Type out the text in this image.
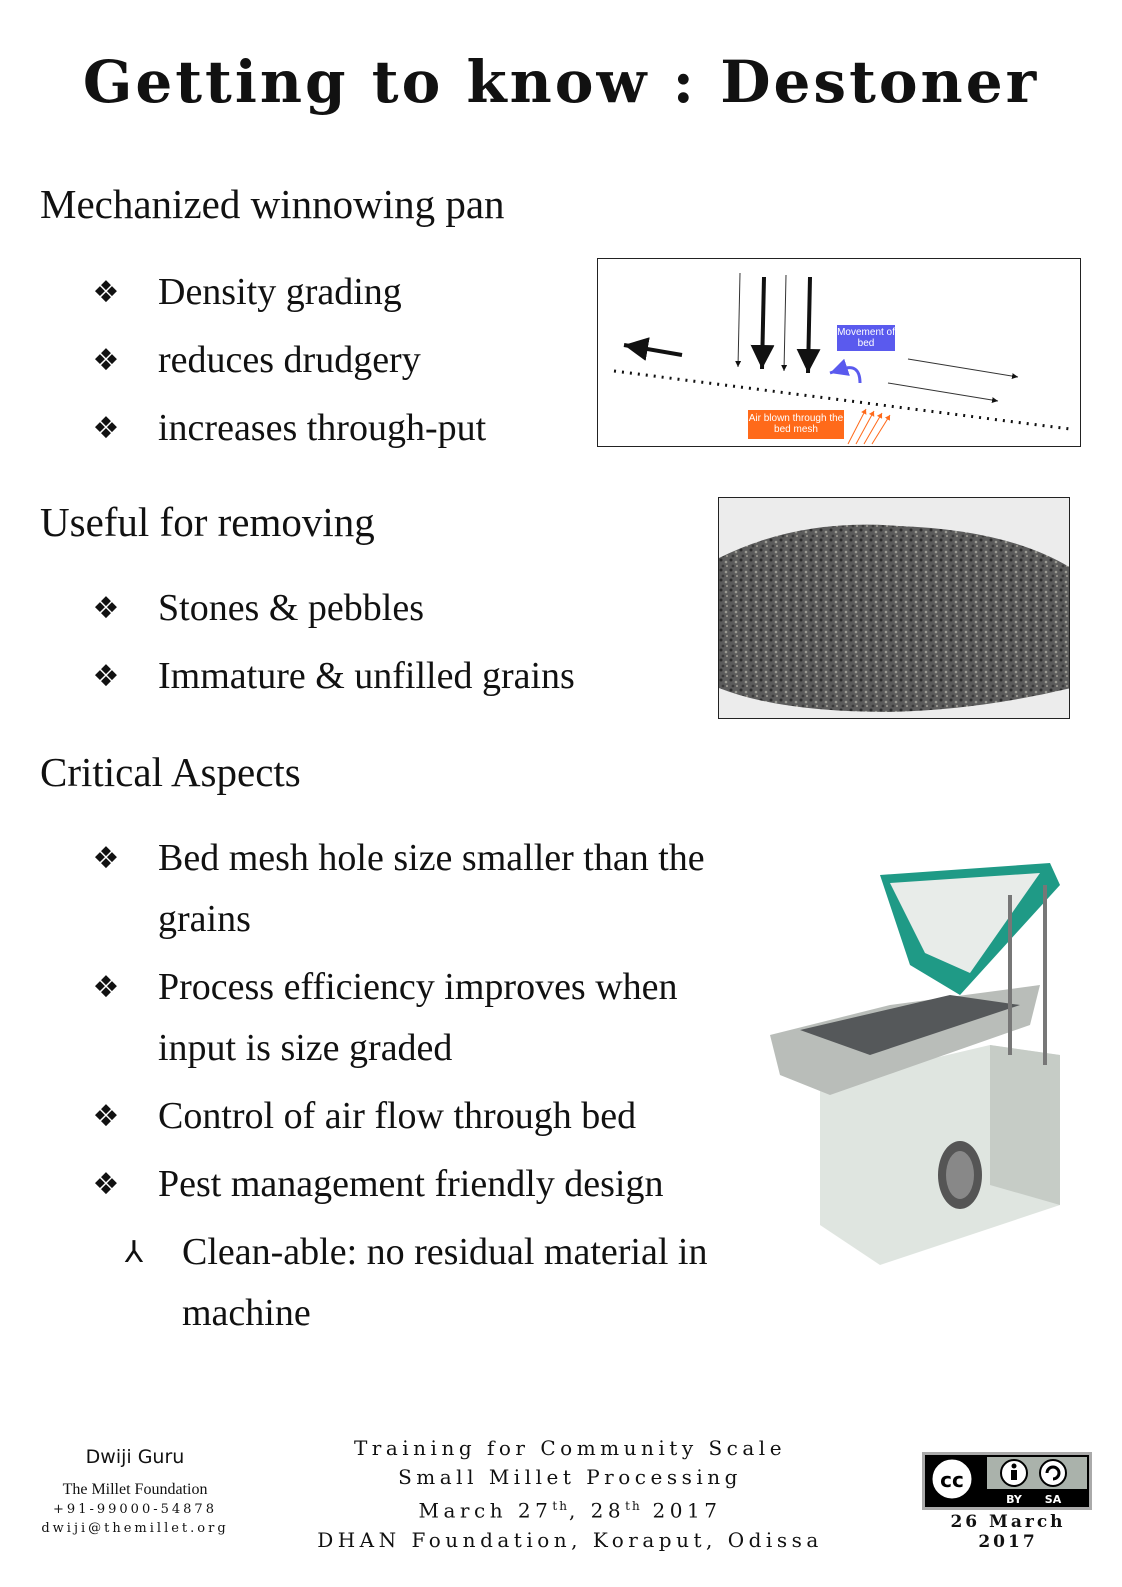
Getting to know : Destoner
Mechanized winnowing pan
❖ Density grading
❖ reduces drudgery
❖ increases through-put
Movement of bed
Air blown through the bed mesh
Useful for removing
❖ Stones & pebbles
❖ Immature & unfilled grains
Critical Aspects
❖ Bed mesh hole size smaller than the grains
❖ Process efficiency improves when input is size graded
❖ Control of air flow through bed
❖ Pest management friendly design
⅄ Clean-able: no residual material in machine
Dwiji Guru
The Millet Foundation
+91-99000-54878
dwiji@themillet.org
Training for Community Scale
Small Millet Processing
March 27th, 28th 2017
DHAN Foundation, Koraput, Odissa
cc
BY SA
26 March 2017
